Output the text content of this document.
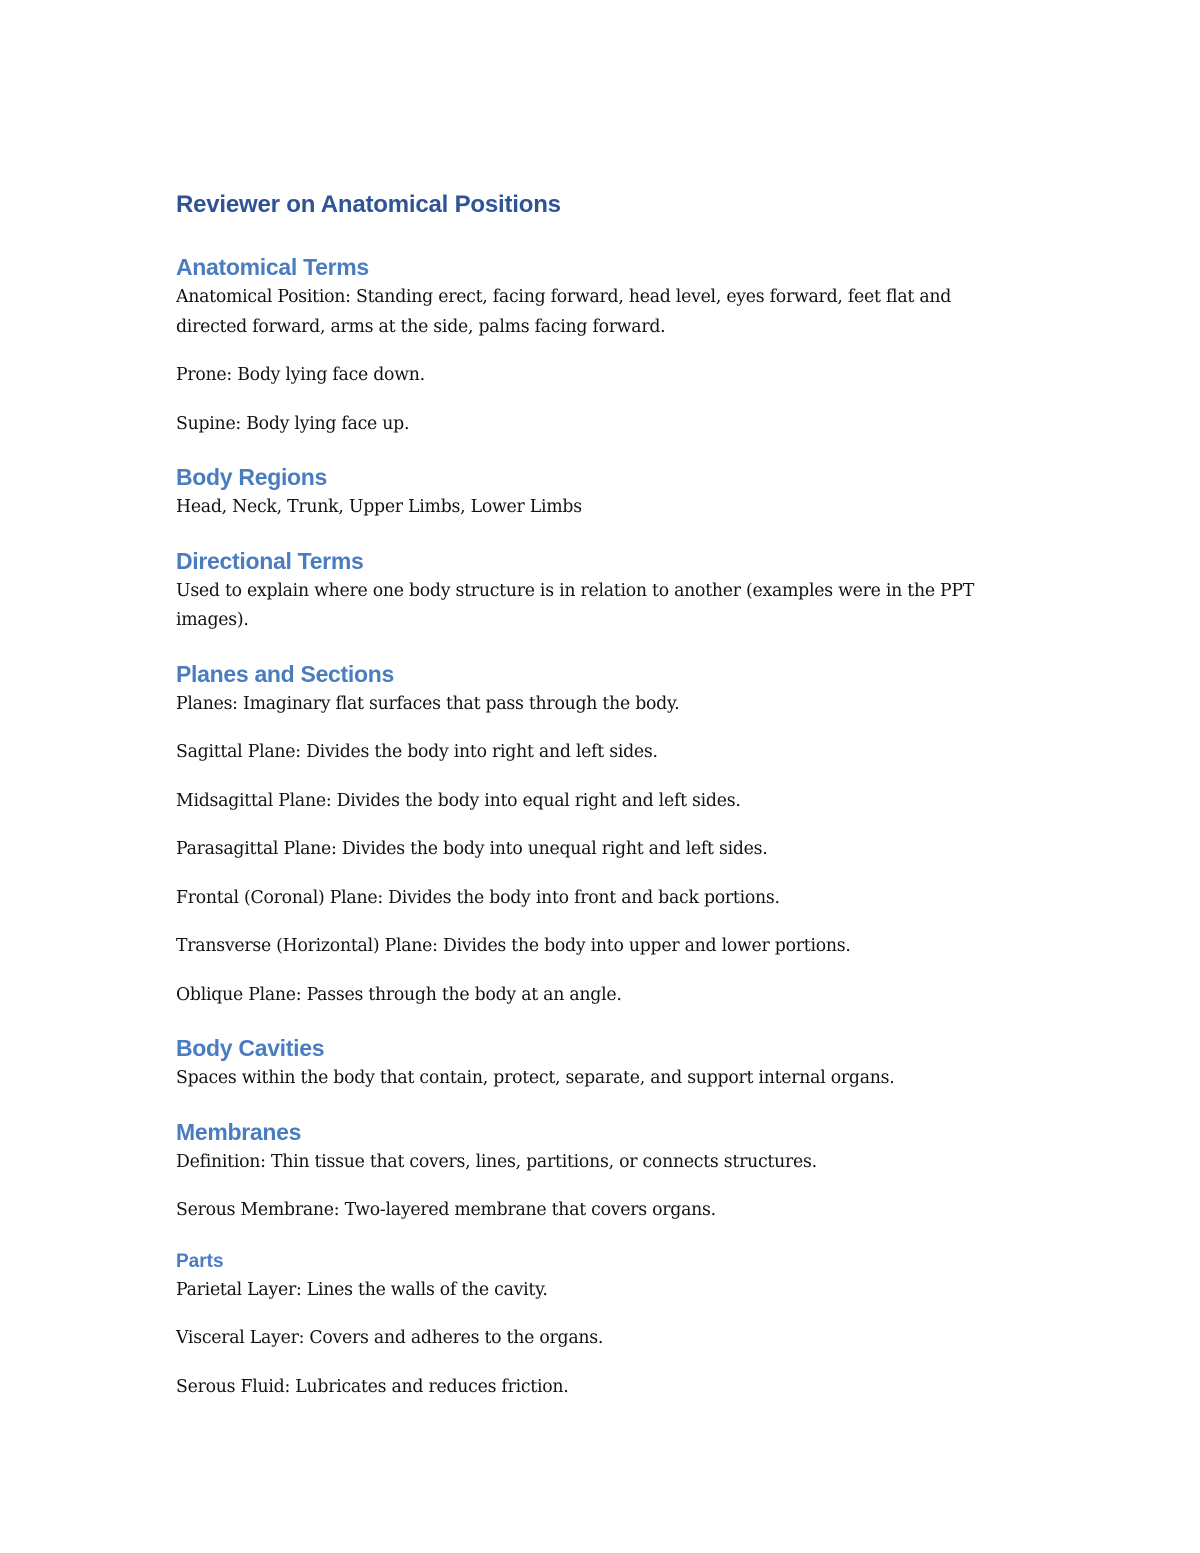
Reviewer on Anatomical Positions
Anatomical Terms

Anatomical Position: Standing erect, facing forward, head level, eyes forward, feet flat and directed forward, arms at the side, palms facing forward.

Prone: Body lying face down.

Supine: Body lying face up.

Body Regions

Head, Neck, Trunk, Upper Limbs, Lower Limbs

Directional Terms

Used to explain where one body structure is in relation to another (examples were in the PPT images).

Planes and Sections

Planes: Imaginary flat surfaces that pass through the body.

Sagittal Plane: Divides the body into right and left sides.

Midsagittal Plane: Divides the body into equal right and left sides.

Parasagittal Plane: Divides the body into unequal right and left sides.

Frontal (Coronal) Plane: Divides the body into front and back portions.

Transverse (Horizontal) Plane: Divides the body into upper and lower portions.

Oblique Plane: Passes through the body at an angle.

Body Cavities

Spaces within the body that contain, protect, separate, and support internal organs.

Membranes

Definition: Thin tissue that covers, lines, partitions, or connects structures.

Serous Membrane: Two-layered membrane that covers organs.

Parts

Parietal Layer: Lines the walls of the cavity.

Visceral Layer: Covers and adheres to the organs.

Serous Fluid: Lubricates and reduces friction.
